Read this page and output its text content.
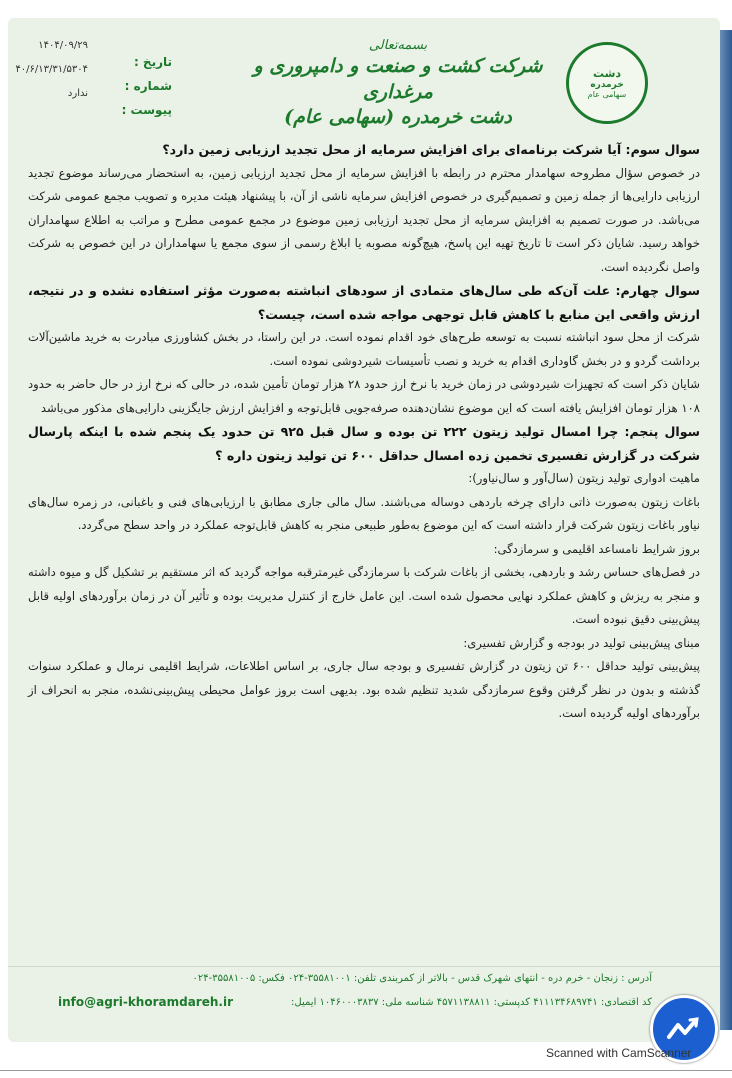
۱۴۰۴/۰۹/۲۹
۴۰/۶/۱۳/۳۱/۵۳۰۴
ندارد
تاریخ :
شماره :
پیوست :
بسمه‌تعالی
شرکت کشت و صنعت و دامپروری و مرغداری
دشت خرمدره (سهامی عام)
دشت
خرمدره
سهامی عام

سوال سوم: آیا شرکت برنامه‌ای برای افزایش سرمایه از محل تجدید ارزیابی زمین دارد؟

در خصوص سؤال مطروحه سهامدار محترم در رابطه با افزایش سرمایه از محل تجدید ارزیابی زمین، به استحضار می‌رساند موضوع تجدید ارزیابی دارایی‌ها از جمله زمین و تصمیم‌گیری در خصوص افزایش سرمایه ناشی از آن، با پیشنهاد هیئت مدیره و تصویب مجمع عمومی شرکت می‌باشد. در صورت تصمیم به افزایش سرمایه از محل تجدید ارزیابی زمین موضوع در مجمع عمومی مطرح و مراتب به اطلاع سهامداران خواهد رسید. شایان ذکر است تا تاریخ تهیه این پاسخ، هیچ‌گونه مصوبه یا ابلاغ رسمی از سوی مجمع یا سهامداران در این خصوص به شرکت واصل نگردیده است.

سوال چهارم: علت آن‌که طی سال‌های متمادی از سودهای انباشته به‌صورت مؤثر استفاده نشده و در نتیجه، ارزش واقعی این منابع با کاهش قابل توجهی مواجه شده است، چیست؟

شرکت از محل سود انباشته نسبت به توسعه طرح‌های خود اقدام نموده است. در این راستا، در بخش کشاورزی مبادرت به خرید ماشین‌آلات برداشت گردو و در بخش گاوداری اقدام به خرید و نصب تأسیسات شیردوشی نموده است.

شایان ذکر است که تجهیزات شیردوشی در زمان خرید با نرخ ارز حدود ۲۸ هزار تومان تأمین شده، در حالی که نرخ ارز در حال حاضر به حدود ۱۰۸ هزار تومان افزایش یافته است که این موضوع نشان‌دهنده صرفه‌جویی قابل‌توجه و افزایش ارزش جایگزینی دارایی‌های مذکور می‌باشد

سوال پنجم: چرا امسال تولید زیتون ۲۲۲ تن بوده و سال قبل ۹۲۵ تن حدود یک پنجم شده با اینکه پارسال شرکت در گزارش تفسیری تخمین زده امسال حداقل ۶۰۰ تن تولید زیتون داره ؟

ماهیت ادواری تولید زیتون (سال‌آور و سال‌نیاور):

باغات زیتون به‌صورت ذاتی دارای چرخه باردهی دوساله می‌باشند. سال مالی جاری مطابق با ارزیابی‌های فنی و باغبانی، در زمره سال‌های نیاور باغات زیتون شرکت قرار داشته است که این موضوع به‌طور طبیعی منجر به کاهش قابل‌توجه عملکرد در واحد سطح می‌گردد.

بروز شرایط نامساعد اقلیمی و سرمازدگی:

در فصل‌های حساس رشد و باردهی، بخشی از باغات شرکت با سرمازدگی غیرمترقبه مواجه گردید که اثر مستقیم بر تشکیل گل و میوه داشته و منجر به ریزش و کاهش عملکرد نهایی محصول شده است. این عامل خارج از کنترل مدیریت بوده و تأثیر آن در زمان برآوردهای اولیه قابل پیش‌بینی دقیق نبوده است.

مبنای پیش‌بینی تولید در بودجه و گزارش تفسیری:

پیش‌بینی تولید حداقل ۶۰۰ تن زیتون در گزارش تفسیری و بودجه سال جاری، بر اساس اطلاعات، شرایط اقلیمی نرمال و عملکرد سنوات گذشته و بدون در نظر گرفتن وقوع سرمازدگی شدید تنظیم شده بود. بدیهی است بروز عوامل محیطی پیش‌بینی‌نشده، منجر به انحراف از برآوردهای اولیه گردیده است.

آدرس : زنجان - خرم دره - انتهای شهرک قدس - بالاتر از کمربندی تلفن: ۳۵۵۸۱۰۰۱-۰۲۴ فکس: ۳۵۵۸۱۰۰۵-۰۲۴
کد اقتصادی: ۴۱۱۱۳۴۶۸۹۷۴۱ کدپستی: ۴۵۷۱۱۳۸۸۱۱ شناسه ملی: ۱۰۴۶۰۰۰۳۸۳۷ ایمیل:
info@agri-khoramdareh.ir
Scanned with CamScanner
